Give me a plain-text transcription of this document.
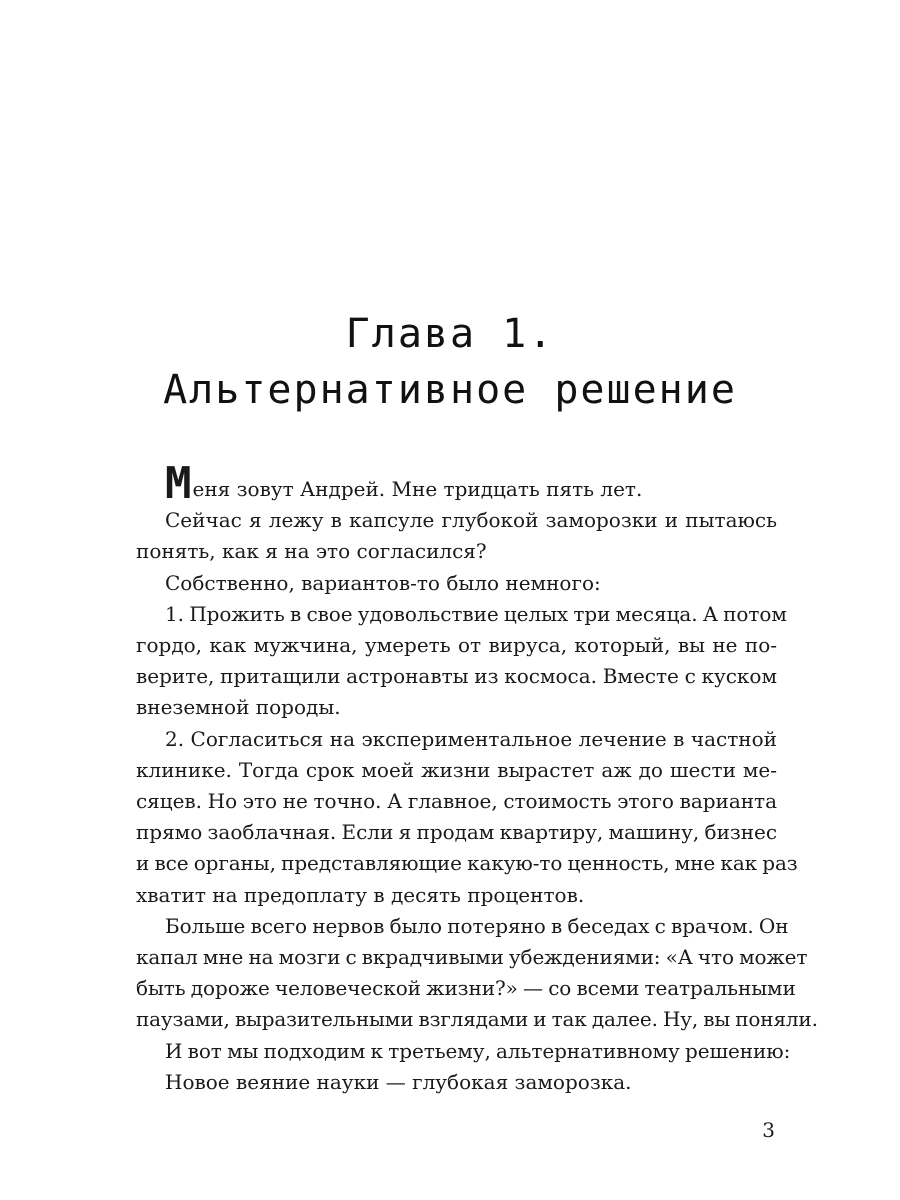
Глава 1.
Альтернативное решение
Меня зовут Андрей. Мне тридцать пять лет.
Сейчас я лежу в капсуле глубокой заморозки и пытаюсь
понять, как я на это согласился?
Собственно, вариантов-то было немного:
1. Прожить в свое удовольствие целых три месяца. А потом
гордо, как мужчина, умереть от вируса, который, вы не по-
верите, притащили астронавты из космоса. Вместе с куском
внеземной породы.
2. Согласиться на экспериментальное лечение в частной
клинике. Тогда срок моей жизни вырастет аж до шести ме-
сяцев. Но это не точно. А главное, стоимость этого варианта
прямо заоблачная. Если я продам квартиру, машину, бизнес
и все органы, представляющие какую-то ценность, мне как раз
хватит на предоплату в десять процентов.
Больше всего нервов было потеряно в беседах с врачом. Он
капал мне на мозги с вкрадчивыми убеждениями: «А что может
быть дороже человеческой жизни?» — со всеми театральными
паузами, выразительными взглядами и так далее. Ну, вы поняли.
И вот мы подходим к третьему, альтернативному решению:
Новое веяние науки — глубокая заморозка.
3
